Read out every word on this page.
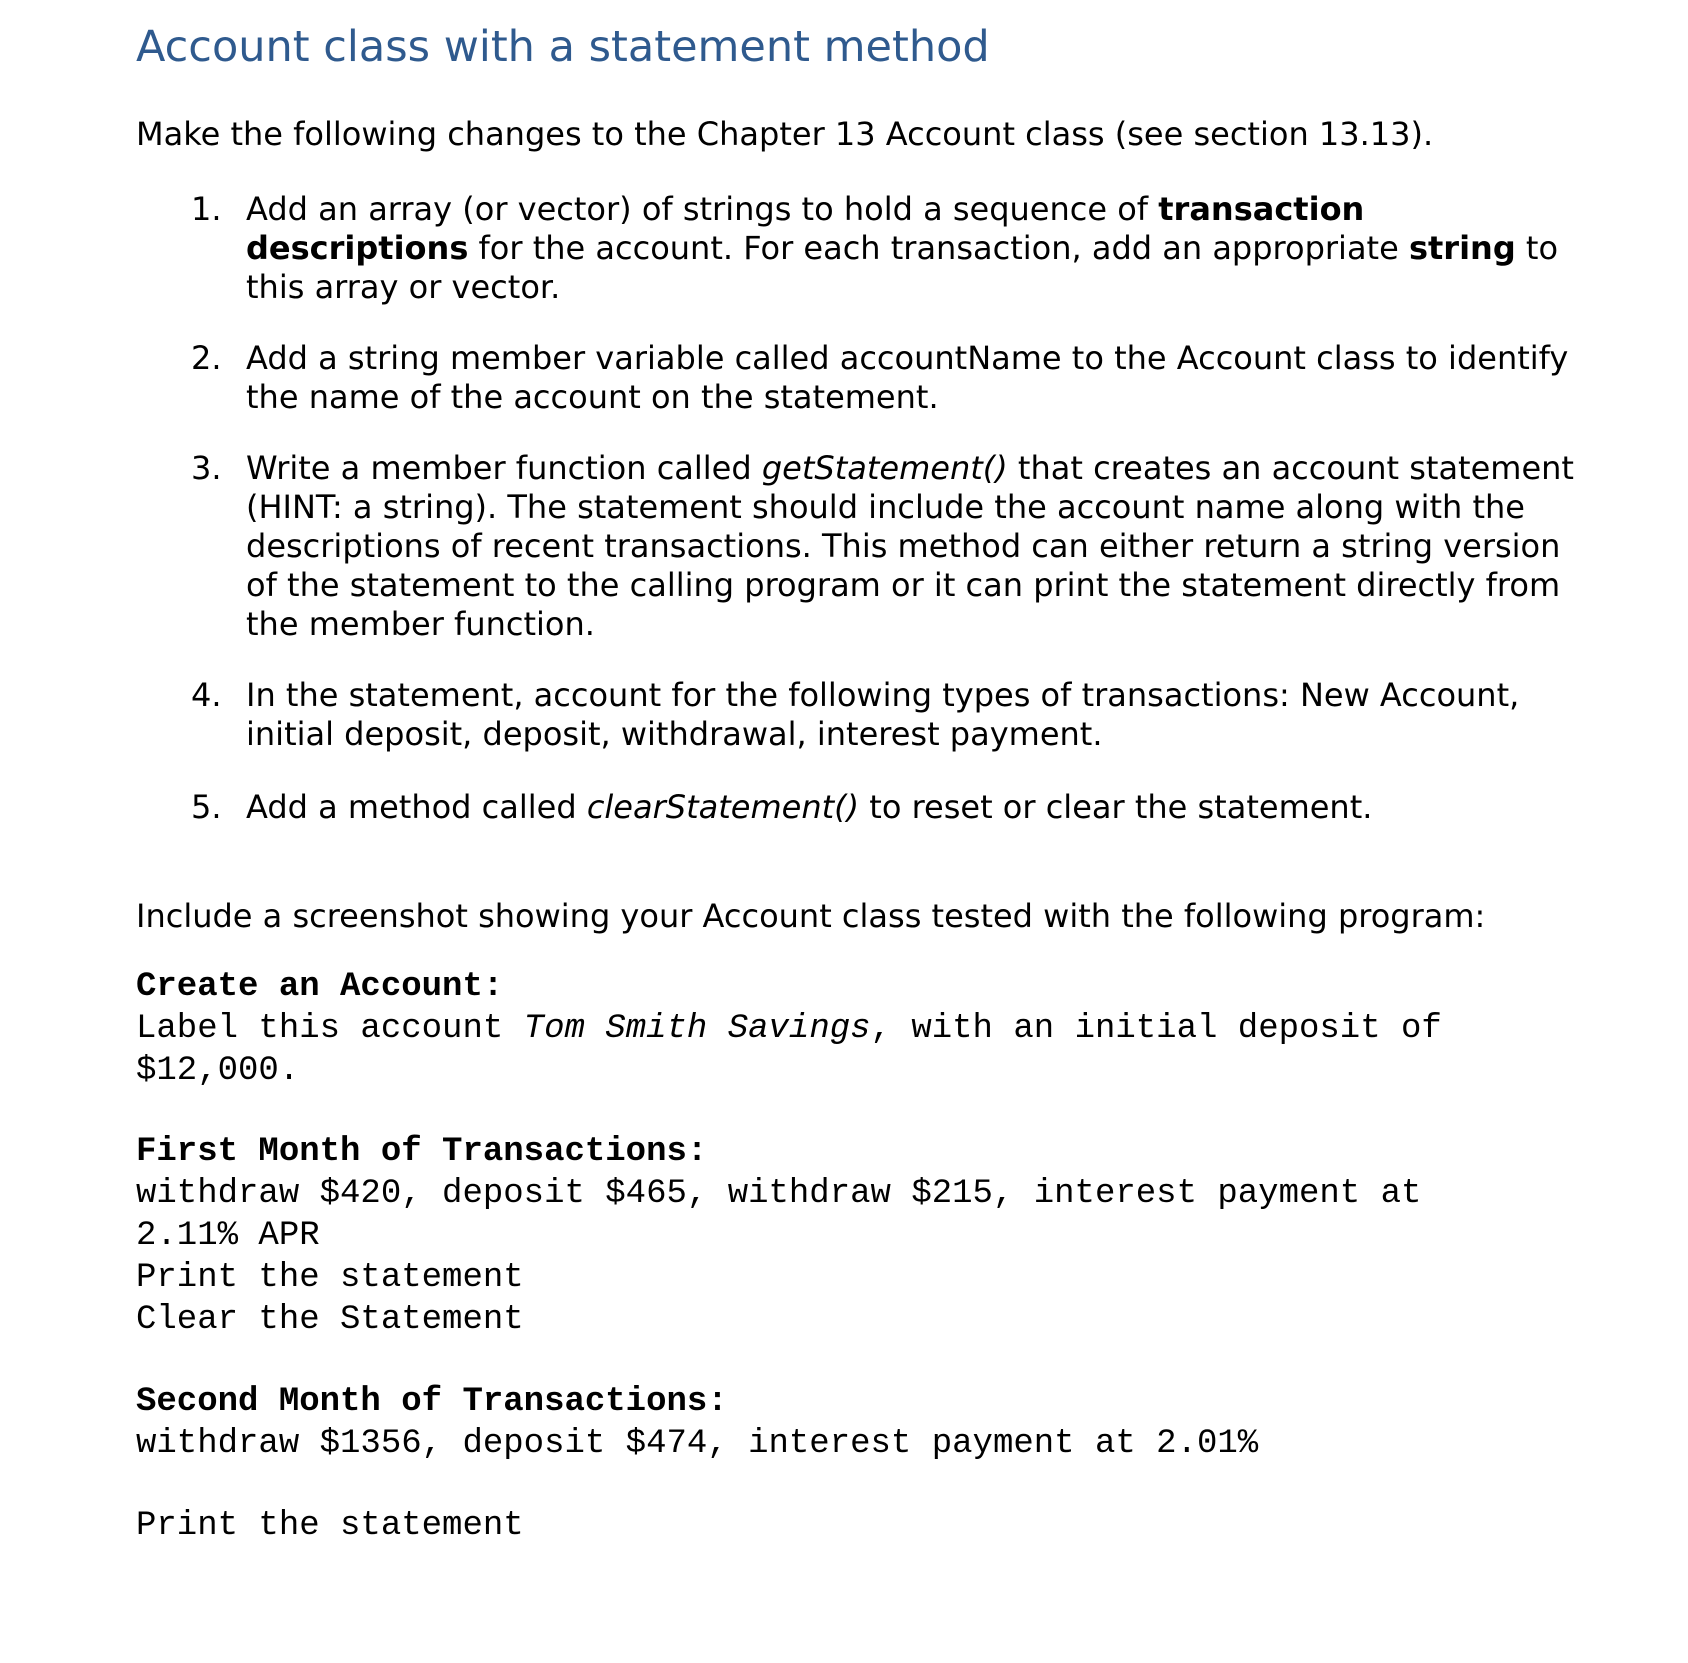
Account class with a statement method

Make the following changes to the Chapter 13 Account class (see section 13.13).

1. Add an array (or vector) of strings to hold a sequence of transaction descriptions for the account. For each transaction, add an appropriate string to this array or vector.
2. Add a string member variable called accountName to the Account class to identify the name of the account on the statement.
3. Write a member function called getStatement() that creates an account statement (HINT: a string). The statement should include the account name along with the descriptions of recent transactions. This method can either return a string version of the statement to the calling program or it can print the statement directly from the member function.
4. In the statement, account for the following types of transactions: New Account, initial deposit, deposit, withdrawal, interest payment.
5. Add a method called clearStatement() to reset or clear the statement.

Include a screenshot showing your Account class tested with the following program:

Create an Account:
Label this account Tom Smith Savings, with an initial deposit of
$12,000.
First Month of Transactions:
withdraw $420, deposit $465, withdraw $215, interest payment at
2.11% APR
Print the statement
Clear the Statement
Second Month of Transactions:
withdraw $1356, deposit $474, interest payment at 2.01%
Print the statement
